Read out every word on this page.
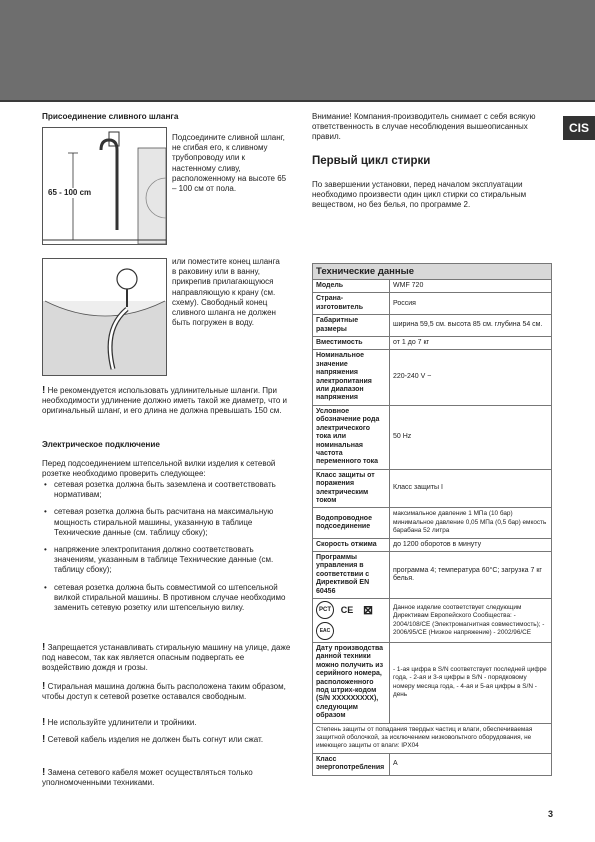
CIS
Присоединение сливного шланга
65 - 100 cm
Подсоедините сливной шланг, не сгибая его, к сливному трубопроводу или к настенному сливу, расположенному на высоте 65 – 100 см от пола.
или поместите конец шланга в раковину или в ванну, прикрепив прилагающуюся направляющую к крану (см. схему). Свободный конец сливного шланга не должен быть погружен в воду.
! Не рекомендуется использовать удлинительные шланги. При необходимости удлинение должно иметь такой же диаметр, что и оригинальный шланг, и его длина не должна превышать 150 см.
Электрическое подключение
Перед подсоединением штепсельной вилки изделия к сетевой розетке необходимо проверить следующее:
• сетевая розетка должна быть заземлена и соответствовать нормативам;
• сетевая розетка должна быть расчитана на максимальную мощность стиральной машины, указанную в таблице Технические данные (см. таблицу сбоку);
• напряжение электропитания должно соответствовать значениям, указанным в таблице Технические данные (см. таблицу сбоку);
• сетевая розетка должна быть совместимой со штепсельной вилкой стиральной машины. В противном случае необходимо заменить сетевую розетку или штепсельную вилку.
! Запрещается устанавливать стиральную машину на улице, даже под навесом, так как является опасным подвергать ее воздействию дождя и грозы.
! Стиральная машина должна быть расположена таким образом, чтобы доступ к сетевой розетке оставался свободным.
! Не используйте удлинители и тройники.
! Сетевой кабель изделия не должен быть согнут или сжат.
! Замена сетевого кабеля может осуществляться только уполномоченными техниками.
Внимание! Компания-производитель снимает с себя всякую ответственность в случае несоблюдения вышеописанных правил.
Первый цикл стирки
По завершении установки, перед началом эксплуатации необходимо произвести один цикл стирки со стиральным веществом, но без белья, по программе 2.
Технические данные	
Модель	WMF 720
Страна-изготовитель	Россия
Габаритные размеры	ширина 59,5 см. высота 85 см. глубина 54 см.
Вместимость	от 1 до 7 кг
Номинальное значение напряжения электропитания или диапазон напряжения	220-240 V ~
Условное обозначение рода электрического тока или номинальная частота переменного тока	50 Hz
Класс защиты от поражения электрическим током	Класс защиты I
Водопроводное подсоединение	максимальное давление 1 МПа (10 бар) минимальное давление 0,05 МПа (0,5 бар) емкость барабана 52 литра
Скорость отжима	до 1200 оборотов в минуту
Программы управления в соответствии с Директивой EN 60456	программа 4; температура 60°C; загрузка 7 кг белья.

PCT CE ⊠
EAC	Данное изделие соответствует следующим Директивам Европейского Сообщества: - 2004/108/CE (Электромагнитная совместимость); - 2006/95/CE (Низкое напряжение) - 2002/96/CE
Дату производства данной техники можно получить из серийного номера, расположенного под штрих-кодом (S/N XXXXXXXXX), следующим образом	- 1-ая цифра в S/N соответствует последней цифре года, - 2-ая и 3-я цифры в S/N - порядковому номеру месяца года, - 4-ая и 5-ая цифры в S/N - день
Степень защиты от попадания твердых частиц и влаги, обеспечиваемая защитной оболочкой, за исключением низковольтного оборудования, не имеющего защиты от влаги: IPX04	
Класс энергопотребления	A
3
